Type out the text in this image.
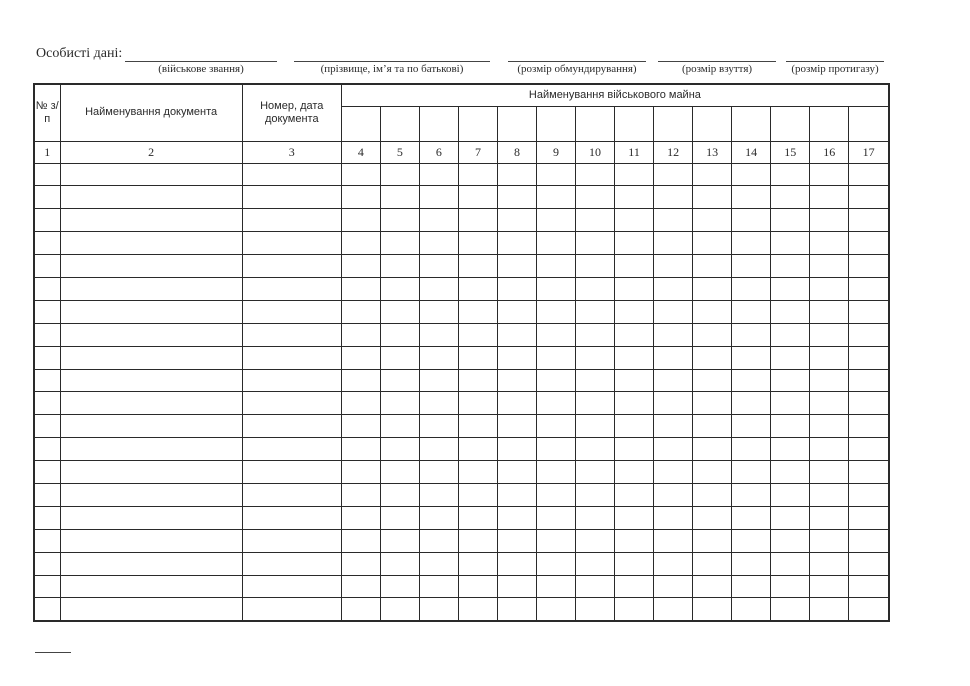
Особисті дані:
(військове звання)	(прізвище, ім’я та по батькові)	(розмір обмундирування)	(розмір взуття)	(розмір протигазу)
№ з/п	Найменування документа	Номер, дата документа	Найменування військового майна													

1	2	3	4	5	6	7	8	9	10	11	12	13	14	15	16	17
